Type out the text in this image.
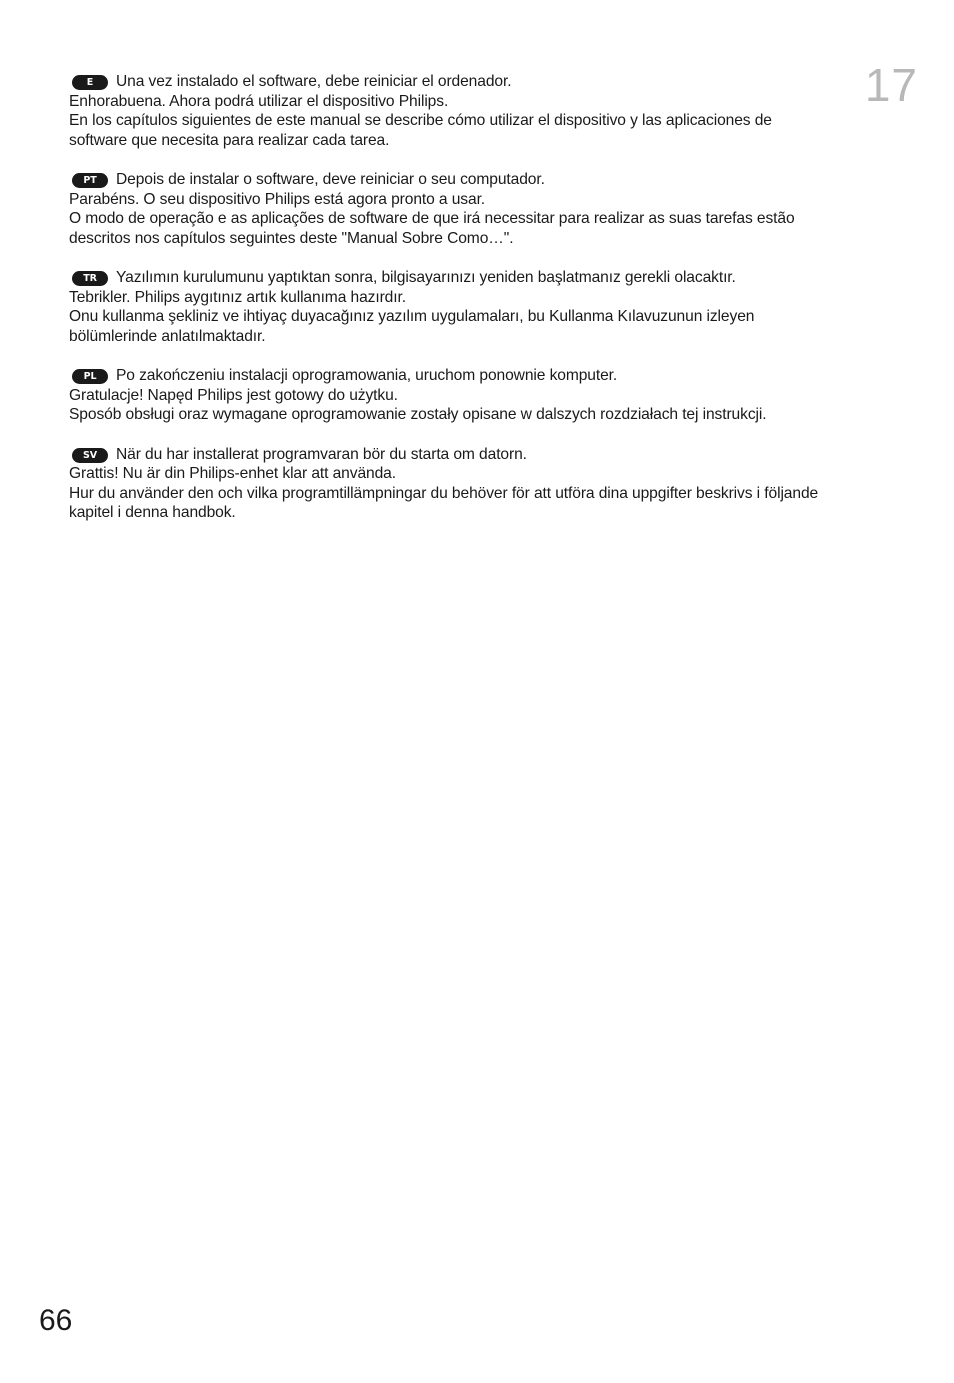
17
E Una vez instalado el software, debe reiniciar el ordenador.
Enhorabuena. Ahora podrá utilizar el dispositivo Philips.
En los capítulos siguientes de este manual se describe cómo utilizar el dispositivo y las aplicaciones de software que necesita para realizar cada tarea.
PT Depois de instalar o software, deve reiniciar o seu computador.
Parabéns. O seu dispositivo Philips está agora pronto a usar.
O modo de operação e as aplicações de software de que irá necessitar para realizar as suas tarefas estão descritos nos capítulos seguintes deste "Manual Sobre Como…".
TR Yazılımın kurulumunu yaptıktan sonra, bilgisayarınızı yeniden başlatmanız gerekli olacaktır.
Tebrikler. Philips aygıtınız artık kullanıma hazırdır.
Onu kullanma şekliniz ve ihtiyaç duyacağınız yazılım uygulamaları, bu Kullanma Kılavuzunun izleyen bölümlerinde anlatılmaktadır.
PL Po zakończeniu instalacji oprogramowania, uruchom ponownie komputer.
Gratulacje! Napęd Philips jest gotowy do użytku.
Sposób obsługi oraz wymagane oprogramowanie zostały opisane w dalszych rozdziałach tej instrukcji.
SV När du har installerat programvaran bör du starta om datorn.
Grattis! Nu är din Philips-enhet klar att använda.
Hur du använder den och vilka programtillämpningar du behöver för att utföra dina uppgifter beskrivs i följande kapitel i denna handbok.
66
